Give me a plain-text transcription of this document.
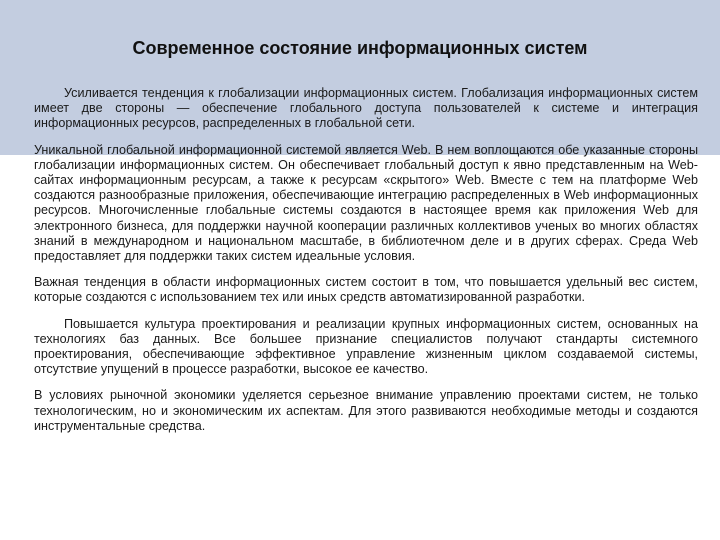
Современное состояние информационных систем

Усиливается тенденция к глобализации информационных систем. Глобализация информационных систем имеет две стороны — обеспечение глобального доступа пользователей к системе и интеграция информационных ресурсов, распределенных в глобальной сети.

Уникальной глобальной информационной системой является Web. В нем воплощаются обе указанные стороны глобализации информационных систем. Он обеспечивает глобальный доступ к явно представленным на Web-сайтах информационным ресурсам, а также к ресурсам «скрытого» Web. Вместе с тем на платформе Web создаются разнообразные приложения, обеспечивающие интеграцию распределенных в Web информационных ресурсов. Многочисленные глобальные системы создаются в настоящее время как приложения Web для электронного бизнеса, для поддержки научной кооперации различных коллективов ученых во многих областях знаний в международном и национальном масштабе, в библиотечном деле и в других сферах. Среда Web предоставляет для поддержки таких систем идеальные условия.

Важная тенденция в области информационных систем состоит в том, что повышается удельный вес систем, которые создаются с использованием тех или иных средств автоматизированной разработки.

Повышается культура проектирования и реализации крупных информационных систем, основанных на технологиях баз данных. Все большее признание специалистов получают стандарты системного проектирования, обеспечивающие эффективное управление жизненным циклом создаваемой системы, отсутствие упущений в процессе разработки, высокое ее качество.

В условиях рыночной экономики уделяется серьезное внимание управлению проектами систем, не только технологическим, но и экономическим их аспектам. Для этого развиваются необходимые методы и создаются инструментальные средства.
